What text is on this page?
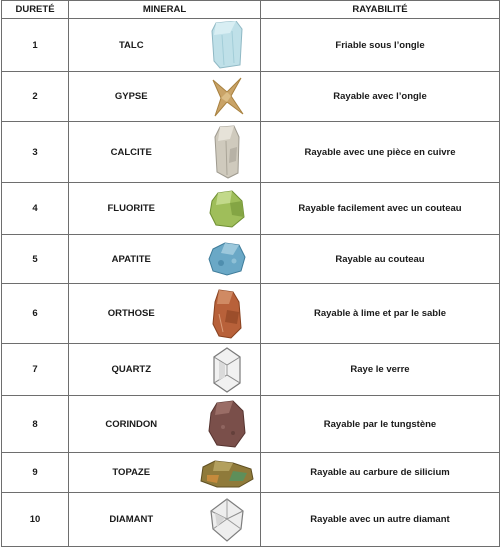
DURETÉ	MINERAL		RAYABILITÉ
1	TALC		Friable sous l’ongle
2	GYPSE		Rayable avec l’ongle
3	CALCITE		Rayable avec une pièce en cuivre
4	FLUORITE		Rayable facilement avec un couteau
5	APATITE		Rayable au couteau
6	ORTHOSE		Rayable à lime et par le sable
7	QUARTZ		Raye le verre
8	CORINDON		Rayable par le tungstène
9	TOPAZE		Rayable au carbure de silicium
10	DIAMANT		Rayable avec un autre diamant
